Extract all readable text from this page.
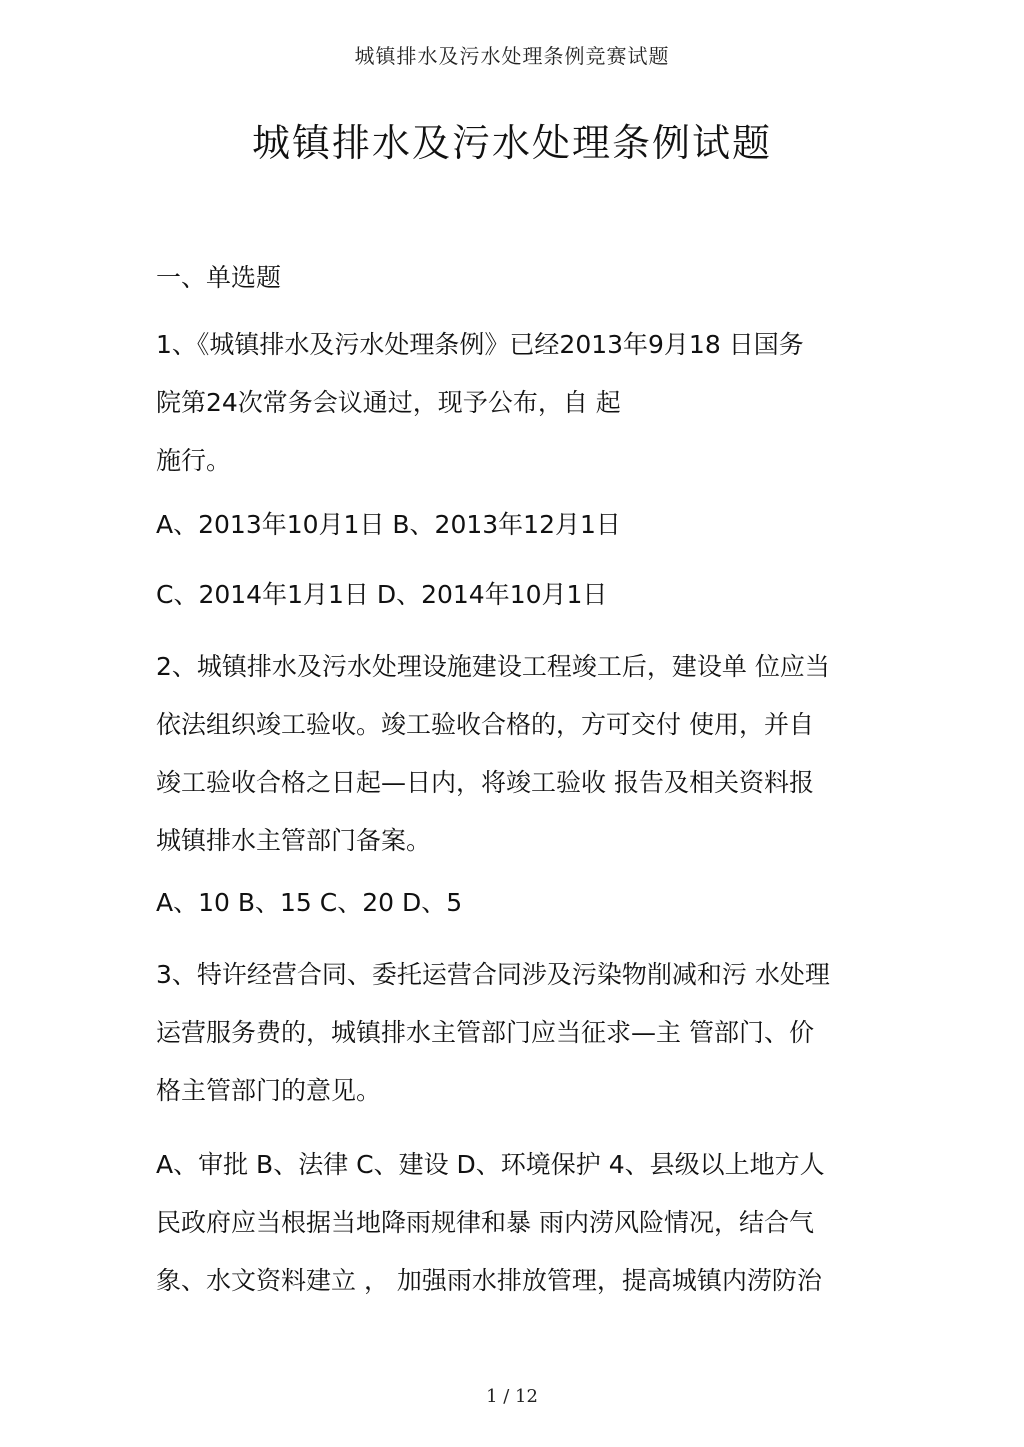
城镇排水及污水处理条例竞赛试题
城镇排水及污水处理条例试题
一、单选题
1、《城镇排水及污水处理条例》已经2013年9月18 日国务
院第24次常务会议通过，现予公布，自 起
施行。
A、2013年10月1日 B、2013年12月1日
C、2014年1月1日 D、2014年10月1日
2、城镇排水及污水处理设施建设工程竣工后，建设单 位应当
依法组织竣工验收。竣工验收合格的，方可交付 使用，并自
竣工验收合格之日起—日内，将竣工验收 报告及相关资料报
城镇排水主管部门备案。
A、10 B、15 C、20 D、5
3、特许经营合同、委托运营合同涉及污染物削减和污 水处理
运营服务费的，城镇排水主管部门应当征求—主 管部门、价
格主管部门的意见。
A、审批 B、法律 C、建设 D、环境保护 4、县级以上地方人
民政府应当根据当地降雨规律和暴 雨内涝风险情况，结合气
象、水文资料建立 ， 加强雨水排放管理，提高城镇内涝防治
1 / 12
